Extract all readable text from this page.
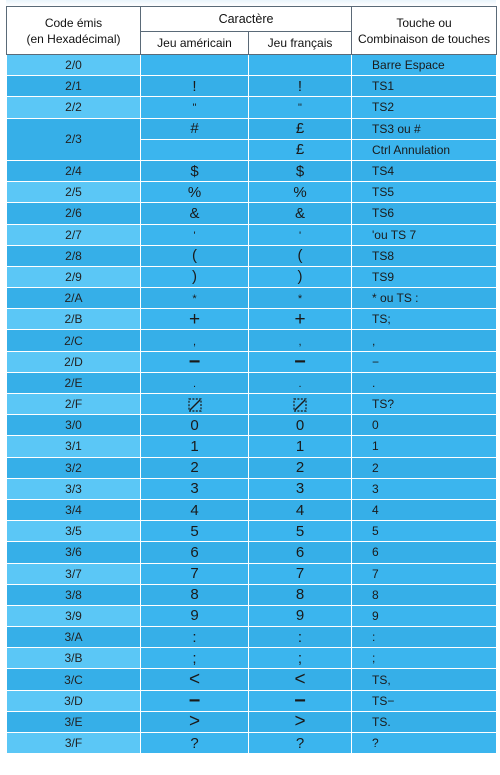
Code émis
(en Hexadécimal)	Caractère		Touche ou
Combinaison de touches

	Jeu américain	Jeu français	
2/0			Barre Espace
2/1	!	!	TS1
2/2	"	"	TS2
2/3	#	£	TS3 ou #
		£	Ctrl Annulation
2/4	$	$	TS4
2/5	%	%	TS5
2/6	&	&	TS6
2/7	'	'	'ou TS 7
2/8	(	(	TS8
2/9	)	)	TS9
2/A	*	*	* ou TS :
2/B	+	+	TS;
2/C	,	,	,
2/D	−	−	−
2/E	.	.	.
2/F			TS?
3/0	0	0	0
3/1	1	1	1
3/2	2	2	2
3/3	3	3	3
3/4	4	4	4
3/5	5	5	5
3/6	6	6	6
3/7	7	7	7
3/8	8	8	8
3/9	9	9	9
3/A	:	:	:
3/B	;	;	;
3/C	<	<	TS,
3/D	−	−	TS−
3/E	>	>	TS.
3/F	?	?	?
